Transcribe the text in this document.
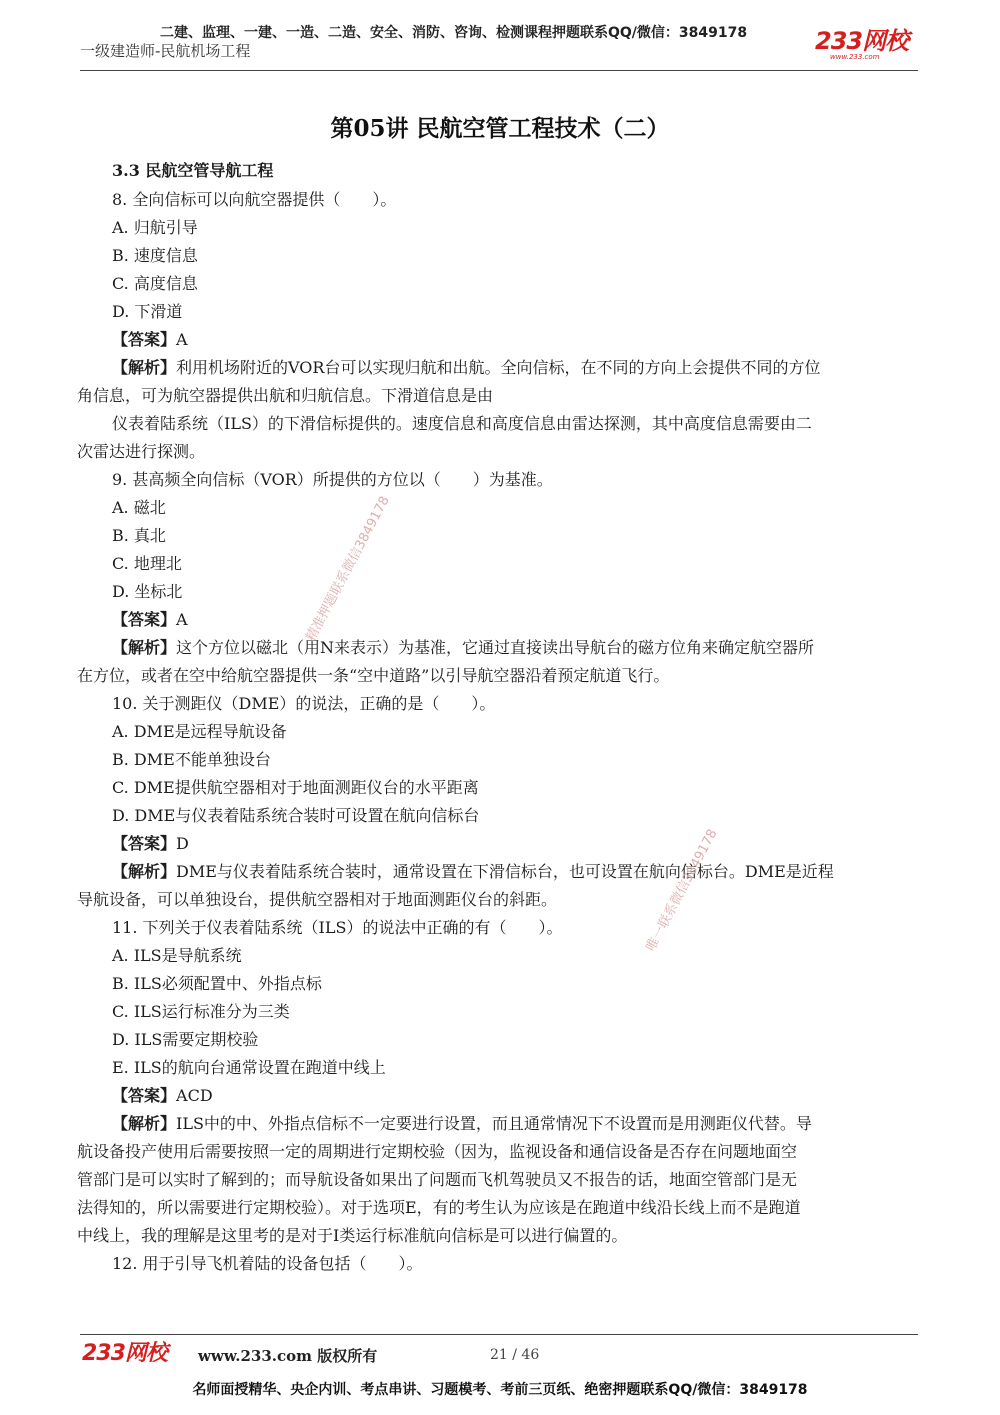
二建、监理、一建、一造、二造、安全、消防、咨询、检测课程押题联系QQ/微信：3849178
一级建造师-民航机场工程	233网校
www.233.com
第05讲 民航空管工程技术（二）
3.3 民航空管导航工程
8. 全向信标可以向航空器提供（　　）。
A. 归航引导
B. 速度信息
C. 高度信息
D. 下滑道
【答案】A
【解析】利用机场附近的VOR台可以实现归航和出航。全向信标，在不同的方向上会提供不同的方位
角信息，可为航空器提供出航和归航信息。下滑道信息是由
仪表着陆系统（ILS）的下滑信标提供的。速度信息和高度信息由雷达探测，其中高度信息需要由二
次雷达进行探测。
9. 甚高频全向信标（VOR）所提供的方位以（　　）为基准。
A. 磁北
B. 真北
C. 地理北
D. 坐标北
【答案】A
【解析】这个方位以磁北（用N来表示）为基准，它通过直接读出导航台的磁方位角来确定航空器所
在方位，或者在空中给航空器提供一条“空中道路”以引导航空器沿着预定航道飞行。
10. 关于测距仪（DME）的说法，正确的是（　　）。
A. DME是远程导航设备
B. DME不能单独设台
C. DME提供航空器相对于地面测距仪台的水平距离
D. DME与仪表着陆系统合装时可设置在航向信标台
【答案】D
【解析】DME与仪表着陆系统合装时，通常设置在下滑信标台，也可设置在航向信标台。DME是近程
导航设备，可以单独设台，提供航空器相对于地面测距仪台的斜距。
11. 下列关于仪表着陆系统（ILS）的说法中正确的有（　　）。
A. ILS是导航系统
B. ILS必须配置中、外指点标
C. ILS运行标准分为三类
D. ILS需要定期校验
E. ILS的航向台通常设置在跑道中线上
【答案】ACD
【解析】ILS中的中、外指点信标不一定要进行设置，而且通常情况下不设置而是用测距仪代替。导
航设备投产使用后需要按照一定的周期进行定期校验（因为，监视设备和通信设备是否存在问题地面空
管部门是可以实时了解到的；而导航设备如果出了问题而飞机驾驶员又不报告的话，地面空管部门是无
法得知的，所以需要进行定期校验）。对于选项E，有的考生认为应该是在跑道中线沿长线上而不是跑道
中线上，我的理解是这里考的是对于I类运行标准航向信标是可以进行偏置的。
12. 用于引导飞机着陆的设备包括（　　）。
精准押题联系微信3849178
唯一联系微信3849178
233网校 www.233.com 版权所有	21 / 46
名师面授精华、央企内训、考点串讲、习题模考、考前三页纸、绝密押题联系QQ/微信：3849178
